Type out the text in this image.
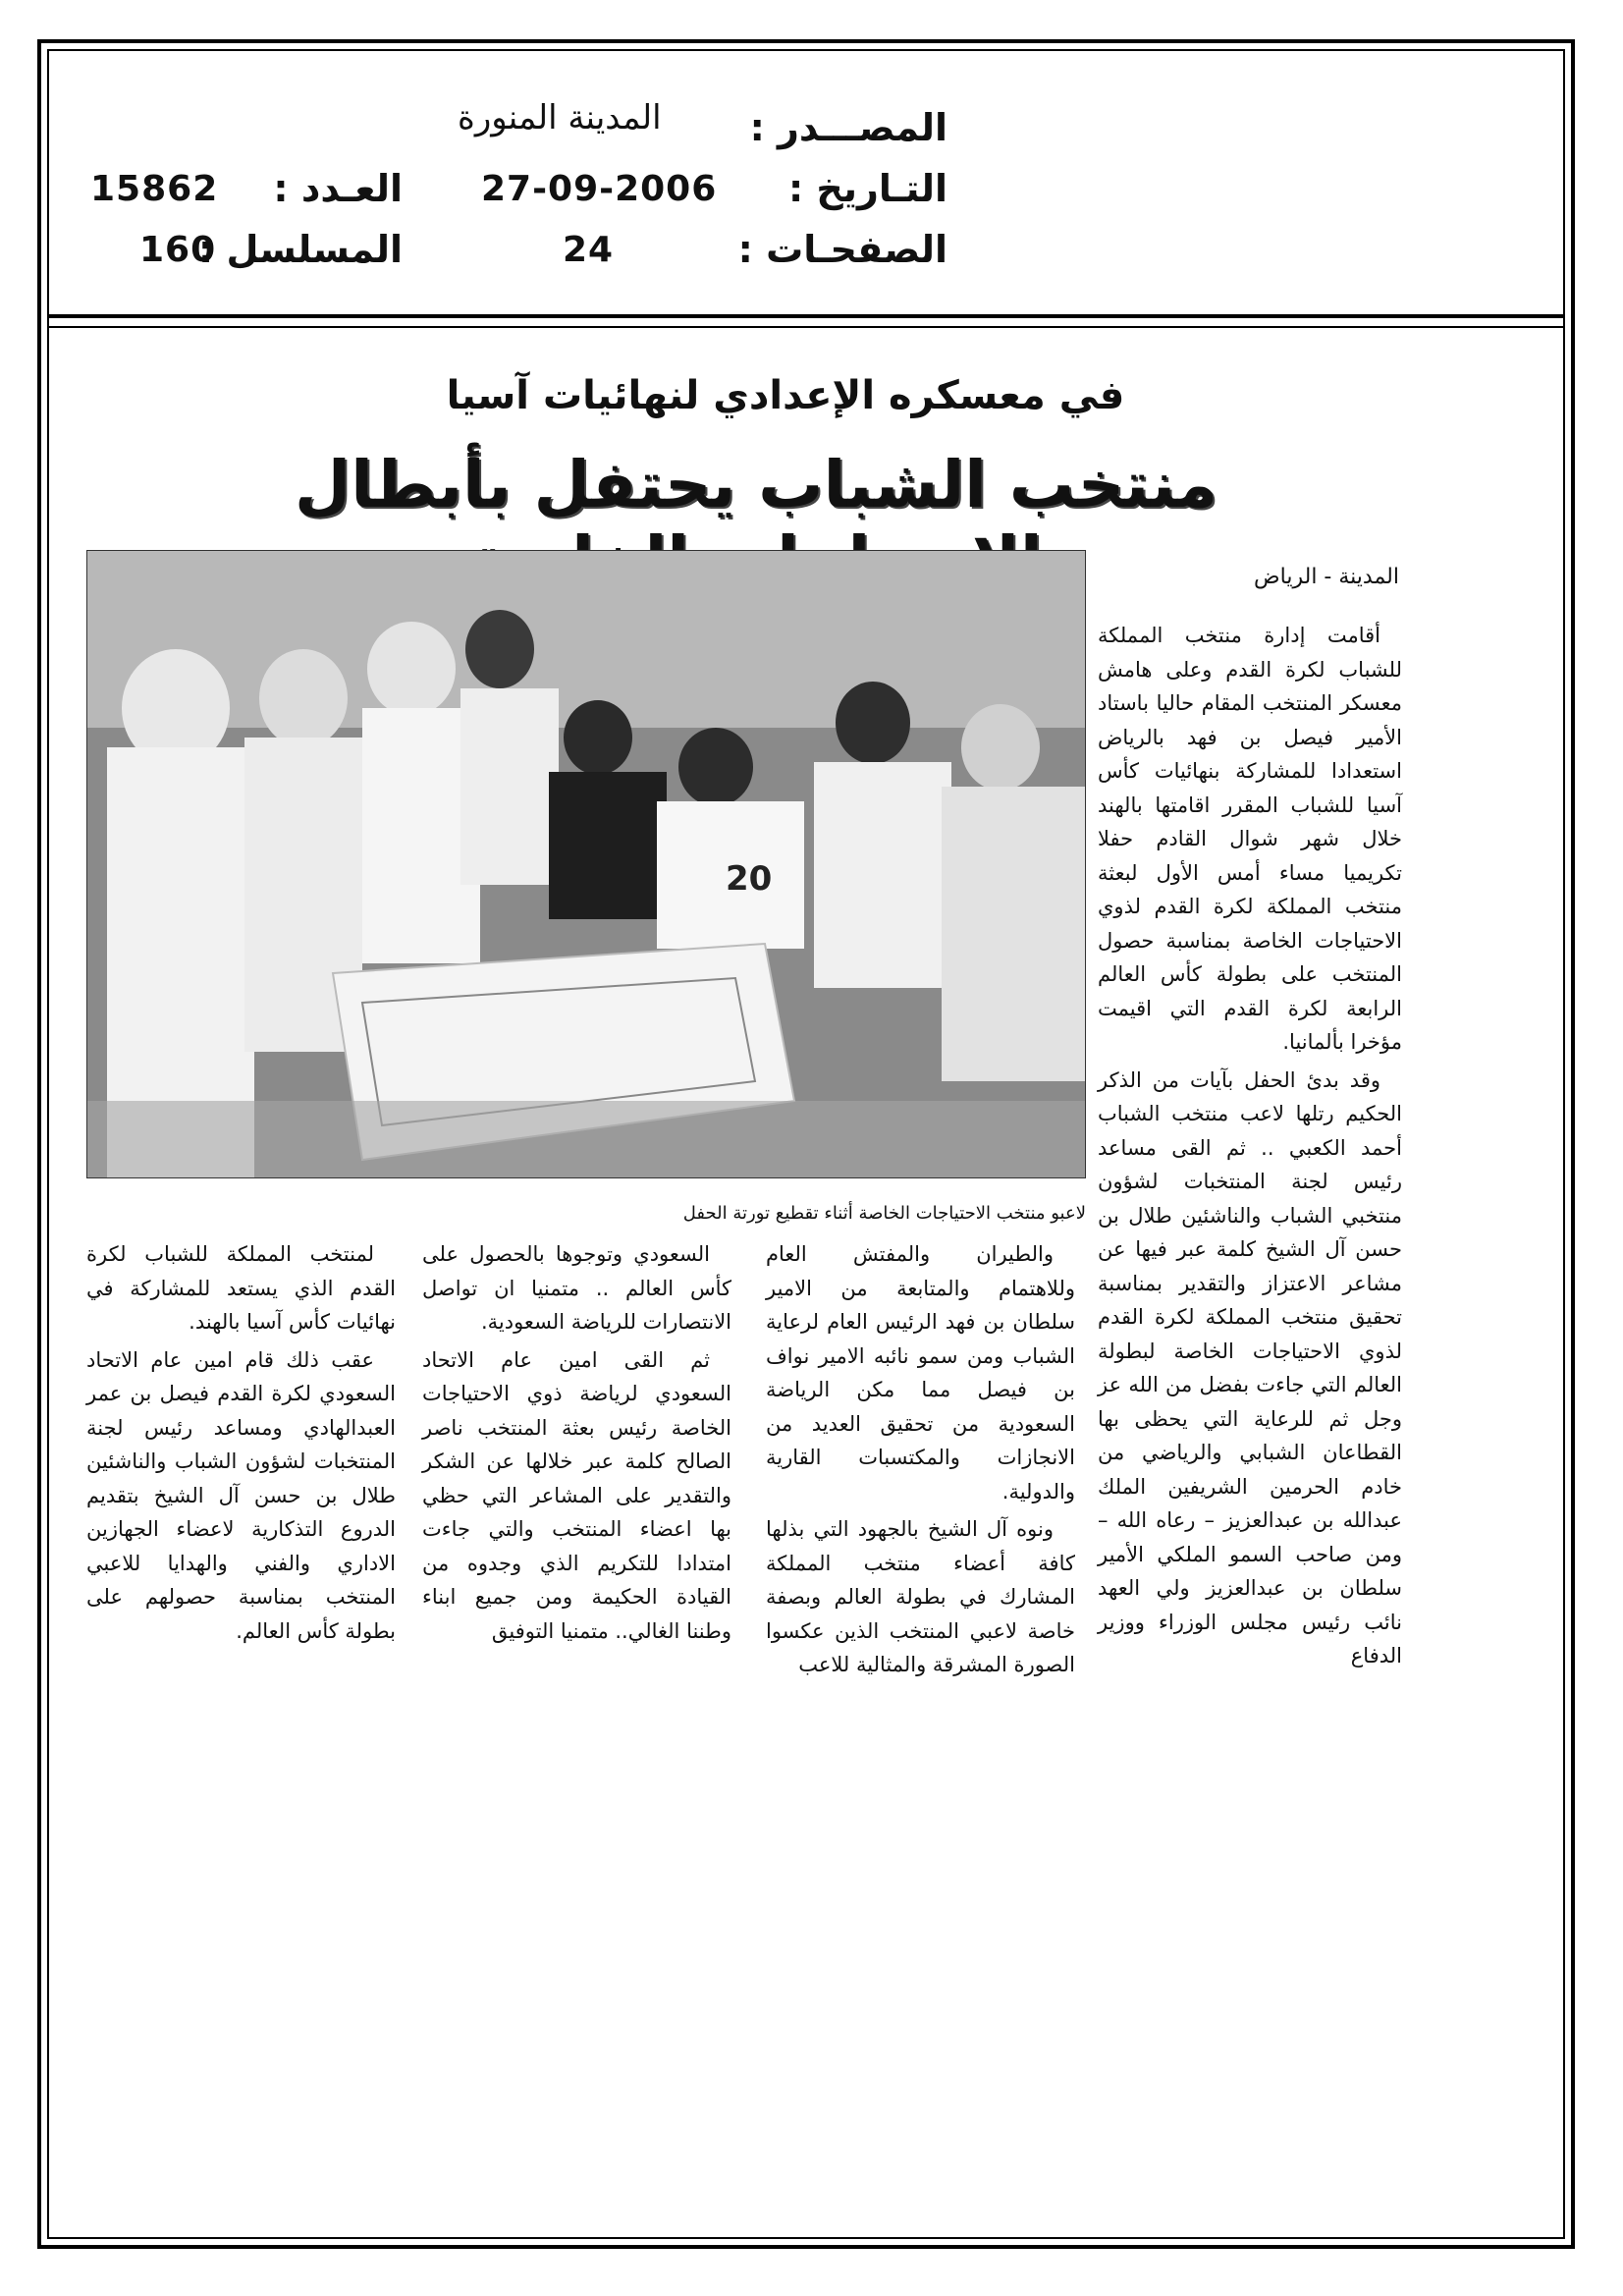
المصـــدر :
المدينة المنورة
التـاريخ :
27-09-2006
العـدد :
15862
الصفحـات :
24
المسلسل :
160
في معسكره الإعدادي لنهائيات آسيا
منتخب الشباب يحتفل بأبطال
20
لاعبو منتخب الاحتياجات الخاصة أثناء تقطيع تورتة الحفل
المدينة - الرياض

أقامت إدارة منتخب المملكة للشباب لكرة القدم وعلى هامش معسكر المنتخب المقام حاليا باستاد الأمير فيصل بن فهد بالرياض استعدادا للمشاركة بنهائيات كأس آسيا للشباب المقرر اقامتها بالهند خلال شهر شوال القادم حفلا تكريميا مساء أمس الأول لبعثة منتخب المملكة لكرة القدم لذوي الاحتياجات الخاصة بمناسبة حصول المنتخب على بطولة كأس العالم الرابعة لكرة القدم التي اقيمت مؤخرا بألمانيا.

وقد بدئ الحفل بآيات من الذكر الحكيم رتلها لاعب منتخب الشباب أحمد الكعبي .. ثم القى مساعد رئيس لجنة المنتخبات لشؤون منتخبي الشباب والناشئين طلال بن حسن آل الشيخ كلمة عبر فيها عن مشاعر الاعتزاز والتقدير بمناسبة تحقيق منتخب المملكة لكرة القدم لذوي الاحتياجات الخاصة لبطولة العالم التي جاءت بفضل من الله عز وجل ثم للرعاية التي يحظى بها القطاعان الشبابي والرياضي من خادم الحرمين الشريفين الملك عبدالله بن عبدالعزيز – رعاه الله – ومن صاحب السمو الملكي الأمير سلطان بن عبدالعزيز ولي العهد نائب رئيس مجلس الوزراء ووزير الدفاع

والطيران والمفتش العام وللاهتمام والمتابعة من الامير سلطان بن فهد الرئيس العام لرعاية الشباب ومن سمو نائبه الامير نواف بن فيصل مما مكن الرياضة السعودية من تحقيق العديد من الانجازات والمكتسبات القارية والدولية.

ونوه آل الشيخ بالجهود التي بذلها كافة أعضاء منتخب المملكة المشارك في بطولة العالم وبصفة خاصة لاعبي المنتخب الذين عكسوا الصورة المشرقة والمثالية للاعب

السعودي وتوجوها بالحصول على كأس العالم .. متمنيا ان تواصل الانتصارات للرياضة السعودية.

ثم القى امين عام الاتحاد السعودي لرياضة ذوي الاحتياجات الخاصة رئيس بعثة المنتخب ناصر الصالح كلمة عبر خلالها عن الشكر والتقدير على المشاعر التي حظي بها اعضاء المنتخب والتي جاءت امتدادا للتكريم الذي وجدوه من القيادة الحكيمة ومن جميع ابناء وطننا الغالي.. متمنيا التوفيق

لمنتخب المملكة للشباب لكرة القدم الذي يستعد للمشاركة في نهائيات كأس آسيا بالهند.

عقب ذلك قام امين عام الاتحاد السعودي لكرة القدم فيصل بن عمر العبدالهادي ومساعد رئيس لجنة المنتخبات لشؤون الشباب والناشئين طلال بن حسن آل الشيخ بتقديم الدروع التذكارية لاعضاء الجهازين الاداري والفني والهدايا للاعبي المنتخب بمناسبة حصولهم على بطولة كأس العالم.
